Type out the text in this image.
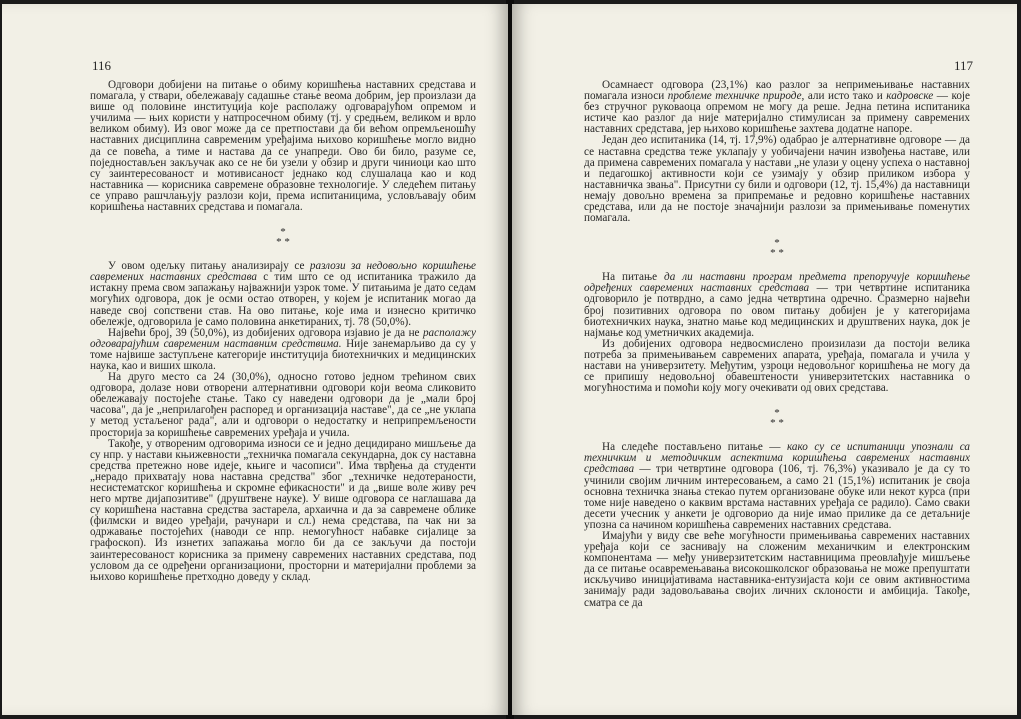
116

Одговори добијени на питање о обиму коришћења наставних средстава и помагала, у ствари, обележавају садашње стање веома добрим, јер произлази да више од половине институција које располажу одговарајућом опремом и училима — њих користи у натпросечном обиму (тј. у средњем, великом и врло великом обиму). Из овог може да се претпостави да би већом опремљеношћу наставних дисциплина савременим уређајима њихово коришћење могло видно да се повећа, а тиме и настава да се унапреди. Ово би било, разуме се, поједностављен закључак ако се не би узели у обзир и други чиниоци као што су заинтересованост и мотивисаност једнако код слушалаца као и код наставника — корисника савремене образовне технологије. У следећем питању се управо рашчлањују разлози који, према испитаницима, условљавају обим коришћења наставних средстава и помагала.

*
* *

У овом одељку питању анализирају се разлози за недовољно коришћење савремених наставних средстава с тим што се од испитаника тражило да истакну према свом запажању најважнији узрок томе. У питањима је дато седам могућих одговора, док је осми остао отворен, у којем је испитаник могао да наведе свој сопствени став. На ово питање, које има и изнесно критичко обележје, одговорила је само половина анкетираних, тј. 78 (50,0%).

Највећи број, 39 (50,0%), из добијених одговора изјавио је да не располажу одговарајућим савременим наставним средствима. Није занемарљиво да су у томе највише заступљене категорије институција биотехничких и медицинских наука, као и виших школа.

На друго место са 24 (30,0%), односно готово једном трећином свих одговора, долазе нови отворени алтернативни одговори који веома сликовито обележавају постојеће стање. Тако су наведени одговори да је „мали број часова", да је „неприлагођен распоред и организација наставе", да се „не уклапа у метод устаљеног рада", али и одговори о недостатку и неприпремљености просторија за коришћење савремених уређаја и учила.

Такође, у отвореним одговорима износи се и једно децидирано мишљење да су нпр. у настави књижевности „техничка помагала секундарна, док су наставна средства претежно нове идеје, књиге и часописи". Има тврђења да студенти „нерадо прихватају нова наставна средства" због „техничке недотераности, несистематског коришћења и скромне ефикасности" и да „више воле живу реч него мртве дијапозитиве" (друштвене науке). У више одговора се наглашава да су коришћена наставна средства застарела, архаична и да за савремене облике (филмски и видео уређаји, рачунари и сл.) нема средстава, па чак ни за одржавање постојећих (наводи се нпр. немогућност набавке сијалице за графоскоп). Из изнетих запажања могло би да се закључи да постоји заинтересованост корисника за примену савремених наставних средстава, под условом да се одређени организациони, просторни и материјални проблеми за њихово коришћење претходно доведу у склад.

117

Осамнаест одговора (23,1%) као разлог за непримењивање наставних помагала износи проблеме техничке природе, али исто тако и кадровске — које без стручног руковаоца опремом не могу да реше. Једна петина испитаника истиче као разлог да није материјално стимулисан за примену савремених наставних средстава, јер њихово коришћење захтева додатне напоре.

Један део испитаника (14, тј. 17,9%) одабрао је алтернативне одговоре — да се наставна средства теже уклапају у уобичајени начин извођења наставе, или да примена савремених помагала у настави „не улази у оцену успеха о наставној и педагошкој активности који се узимају у обзир приликом избора у наставничка звања". Присутни су били и одговори (12, тј. 15,4%) да наставници немају довољно времена за припремање и редовно коришћење наставних средстава, или да не постоје значајнији разлози за примењивање поменутих помагала.

*
* *

На питање да ли наставни програм предмета препоручује коришћење одређених савремених наставних средстава — три четвртине испитаника одговорило је потврдно, а само једна четвртина одречно. Сразмерно највећи број позитивних одговора по овом питању добијен је у категоријама биотехничких наука, знатно мање код медицинских и друштвених наука, док је најмање код уметничких академија.

Из добијених одговора недвосмислено произилази да постоји велика потреба за примењивањем савремених апарата, уређаја, помагала и учила у настави на универзитету. Међутим, узроци недовољног коришћења не могу да се припишу недовољној обавештености универзитетских наставника о могућностима и помоћи коју могу очекивати од ових средстава.

*
* *

На следеће постављено питање — како су се испитаници упознали са техничким и методичким аспектима коришћења савремених наставних средстава — три четвртине одговора (106, тј. 76,3%) указивало је да су то учинили својим личним интересовањем, а само 21 (15,1%) испитаник је своја основна техничка знања стекао путем организоване обуке или некот курса (при томе није наведено о каквим врстама наставних уређаја се радило). Само сваки десети учесник у анкети је одговорио да није имао прилике да се детаљније упозна са начином коришћења савремених наставних средстава.

Имајући у виду све веће могућности примењивања савремених наставних уређаја који се заснивају на сложеним механичким и електронским компонентама — међу универзитетским наставницима преовлађује мишљење да се питање осавремењавања високошколског образовања не може препуштати искључиво иницијативама наставника-ентузијаста који се овим активностима занимају ради задовољавања својих личних склоности и амбиција. Такође, сматра се да
